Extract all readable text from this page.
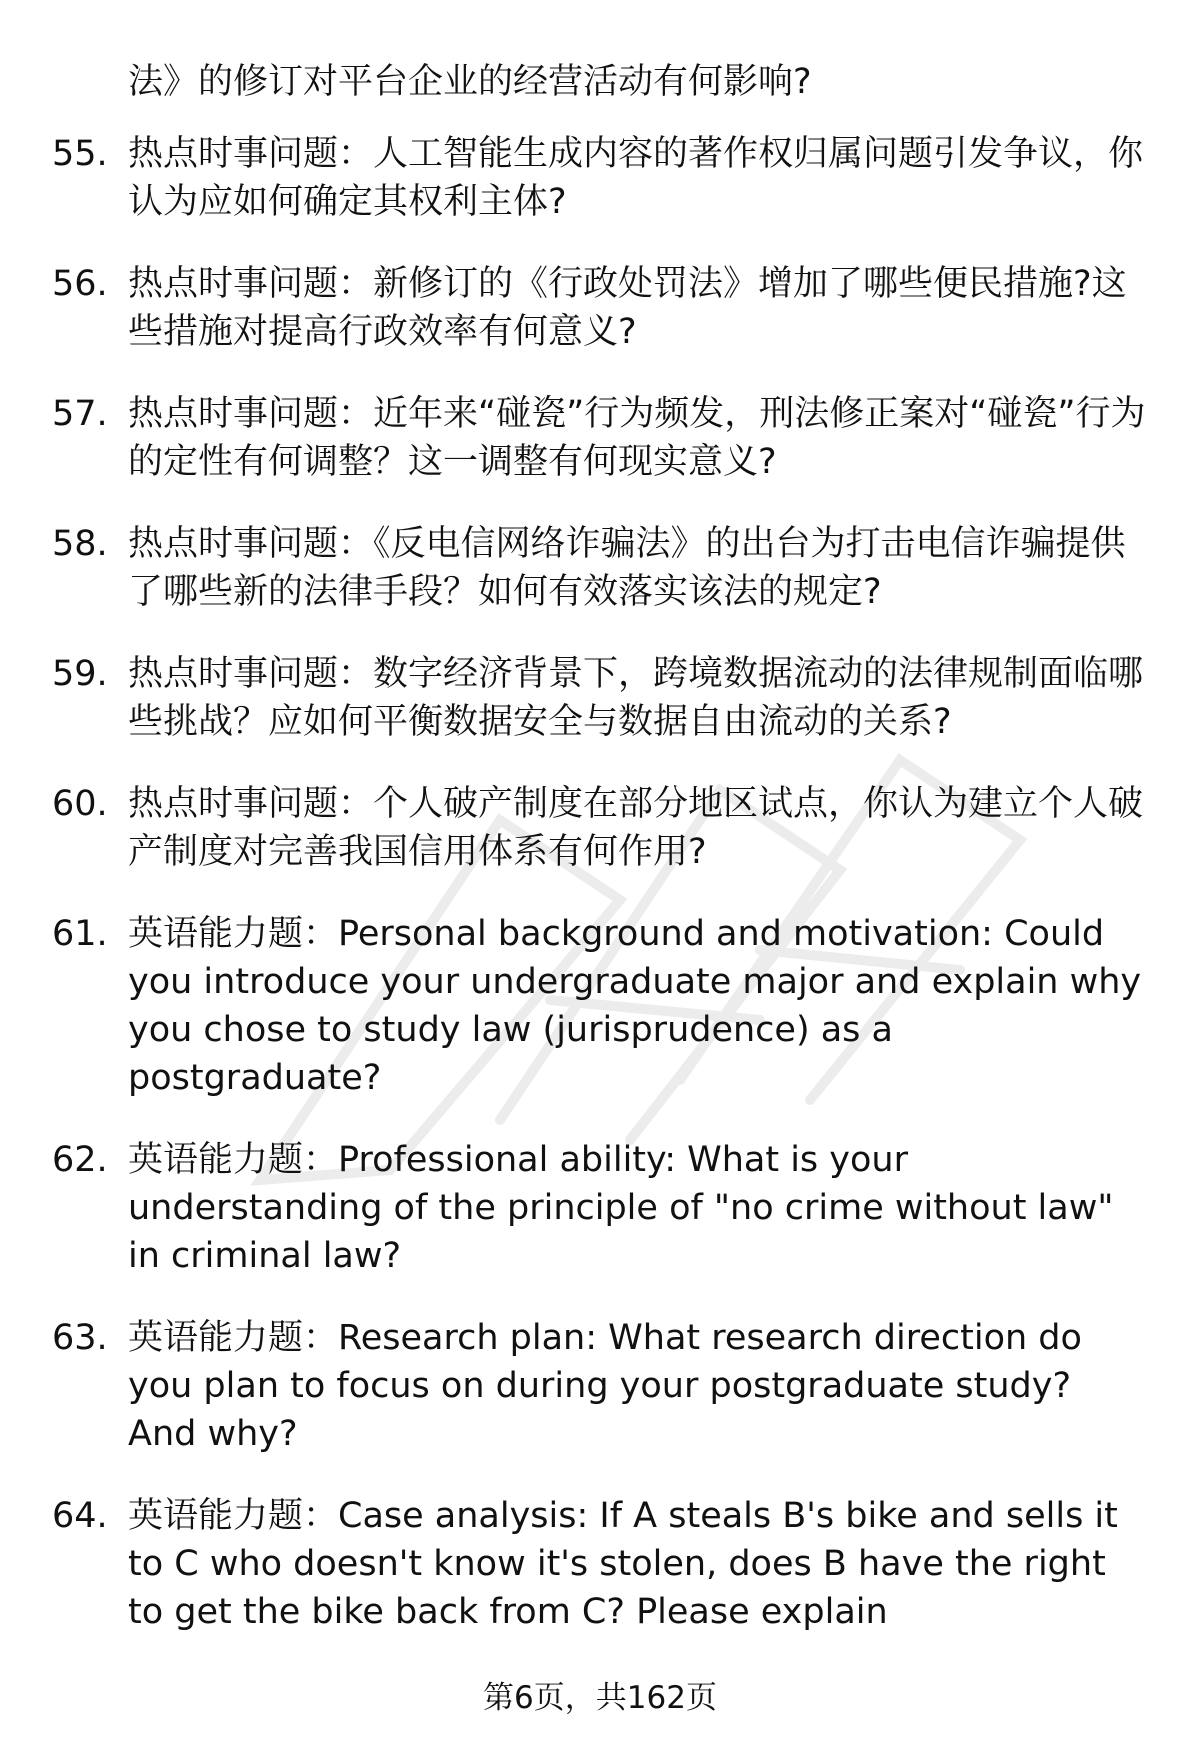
法》的修订对平台企业的经营活动有何影响?
55. 热点时事问题：人工智能生成内容的著作权归属问题引发争议，你认为应如何确定其权利主体?
56. 热点时事问题：新修订的《行政处罚法》增加了哪些便民措施?这些措施对提高行政效率有何意义?
57. 热点时事问题：近年来“碰瓷”行为频发，刑法修正案对“碰瓷”行为的定性有何调整？这一调整有何现实意义?
58. 热点时事问题：《反电信网络诈骗法》的出台为打击电信诈骗提供了哪些新的法律手段？如何有效落实该法的规定?
59. 热点时事问题：数字经济背景下，跨境数据流动的法律规制面临哪些挑战？应如何平衡数据安全与数据自由流动的关系?
60. 热点时事问题：个人破产制度在部分地区试点，你认为建立个人破产制度对完善我国信用体系有何作用?
61. 英语能力题：Personal background and motivation: Could you introduce your undergraduate major and explain why you chose to study law (jurisprudence) as a postgraduate?
62. 英语能力题：Professional ability: What is your understanding of the principle of "no crime without law" in criminal law?
63. 英语能力题：Research plan: What research direction do you plan to focus on during your postgraduate study? And why?
64. 英语能力题：Case analysis: If A steals B's bike and sells it to C who doesn't know it's stolen, does B have the right to get the bike back from C? Please explain
第6页，共162页
